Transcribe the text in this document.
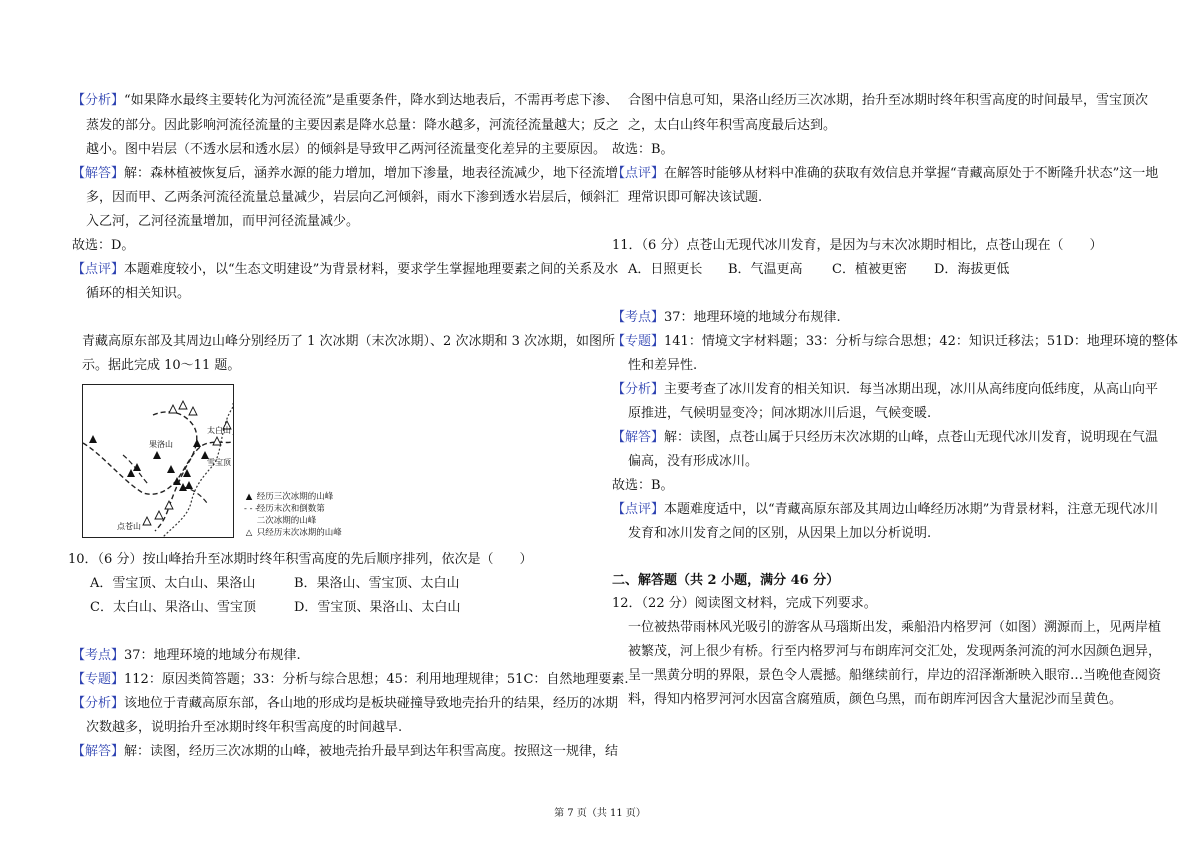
【分析】“如果降水最终主要转化为河流径流”是重要条件，降水到达地表后，不需再考虑下渗、
蒸发的部分。因此影响河流径流量的主要因素是降水总量：降水越多，河流径流量越大；反之
越小。图中岩层（不透水层和透水层）的倾斜是导致甲乙两河径流量变化差异的主要原因。
【解答】解：森林植被恢复后，涵养水源的能力增加，增加下渗量，地表径流减少，地下径流增
多，因而甲、乙两条河流径流量总量减少，岩层向乙河倾斜，雨水下渗到透水岩层后，倾斜汇
入乙河，乙河径流量增加，而甲河径流量减少。
故选：D。
【点评】本题难度较小，以“生态文明建设”为背景材料，要求学生掌握地理要素之间的关系及水
循环的相关知识。
青藏高原东部及其周边山峰分别经历了 1 次冰期（末次冰期）、2 次冰期和 3 次冰期，如图所
示。据此完成 10～11 题。
太白山
果洛山
雪宝顶
点苍山
▲ 经历三次冰期的山峰
- - - 经历末次和倒数第
二次冰期的山峰
△ 只经历末次冰期的山峰
10．（6 分）按山峰抬升至冰期时终年积雪高度的先后顺序排列，依次是（　　）
A．雪宝顶、太白山、果洛山	B．果洛山、雪宝顶、太白山
C．太白山、果洛山、雪宝顶	D．雪宝顶、果洛山、太白山
【考点】37：地理环境的地域分布规律.
【专题】112：原因类简答题；33：分析与综合思想；45：利用地理规律；51C：自然地理要素.
【分析】该地位于青藏高原东部，各山地的形成均是板块碰撞导致地壳抬升的结果，经历的冰期
次数越多，说明抬升至冰期时终年积雪高度的时间越早.
【解答】解：读图，经历三次冰期的山峰，被地壳抬升最早到达年积雪高度。按照这一规律，结
合图中信息可知，果洛山经历三次冰期，抬升至冰期时终年积雪高度的时间最早，雪宝顶次
之，太白山终年积雪高度最后达到。
故选：B。
【点评】在解答时能够从材料中准确的获取有效信息并掌握“青藏高原处于不断隆升状态”这一地
理常识即可解决该试题.
11．（6 分）点苍山无现代冰川发育，是因为与末次冰期时相比，点苍山现在（　　）
A．日照更长 B．气温更高 C．植被更密 D．海拔更低
【考点】37：地理环境的地域分布规律.
【专题】141：情境文字材料题；33：分析与综合思想；42：知识迁移法；51D：地理环境的整体
性和差异性.
【分析】主要考查了冰川发育的相关知识．每当冰期出现，冰川从高纬度向低纬度，从高山向平
原推进，气候明显变冷；间冰期冰川后退，气候变暖.
【解答】解：读图，点苍山属于只经历末次冰期的山峰，点苍山无现代冰川发育，说明现在气温
偏高，没有形成冰川。
故选：B。
【点评】本题难度适中，以“青藏高原东部及其周边山峰经历冰期”为背景材料，注意无现代冰川
发育和冰川发育之间的区别，从因果上加以分析说明.
二、解答题（共 2 小题，满分 46 分）
12．（22 分）阅读图文材料，完成下列要求。
一位被热带雨林风光吸引的游客从马瑙斯出发，乘船沿内格罗河（如图）溯源而上，见两岸植
被繁茂，河上很少有桥。行至内格罗河与布朗库河交汇处，发现两条河流的河水因颜色迥异，
呈一黑黄分明的界限，景色令人震撼。船继续前行，岸边的沼泽渐渐映入眼帘…当晚他查阅资
料，得知内格罗河河水因富含腐殖质，颜色乌黑，而布朗库河因含大量泥沙而呈黄色。
第 7 页（共 11 页）
